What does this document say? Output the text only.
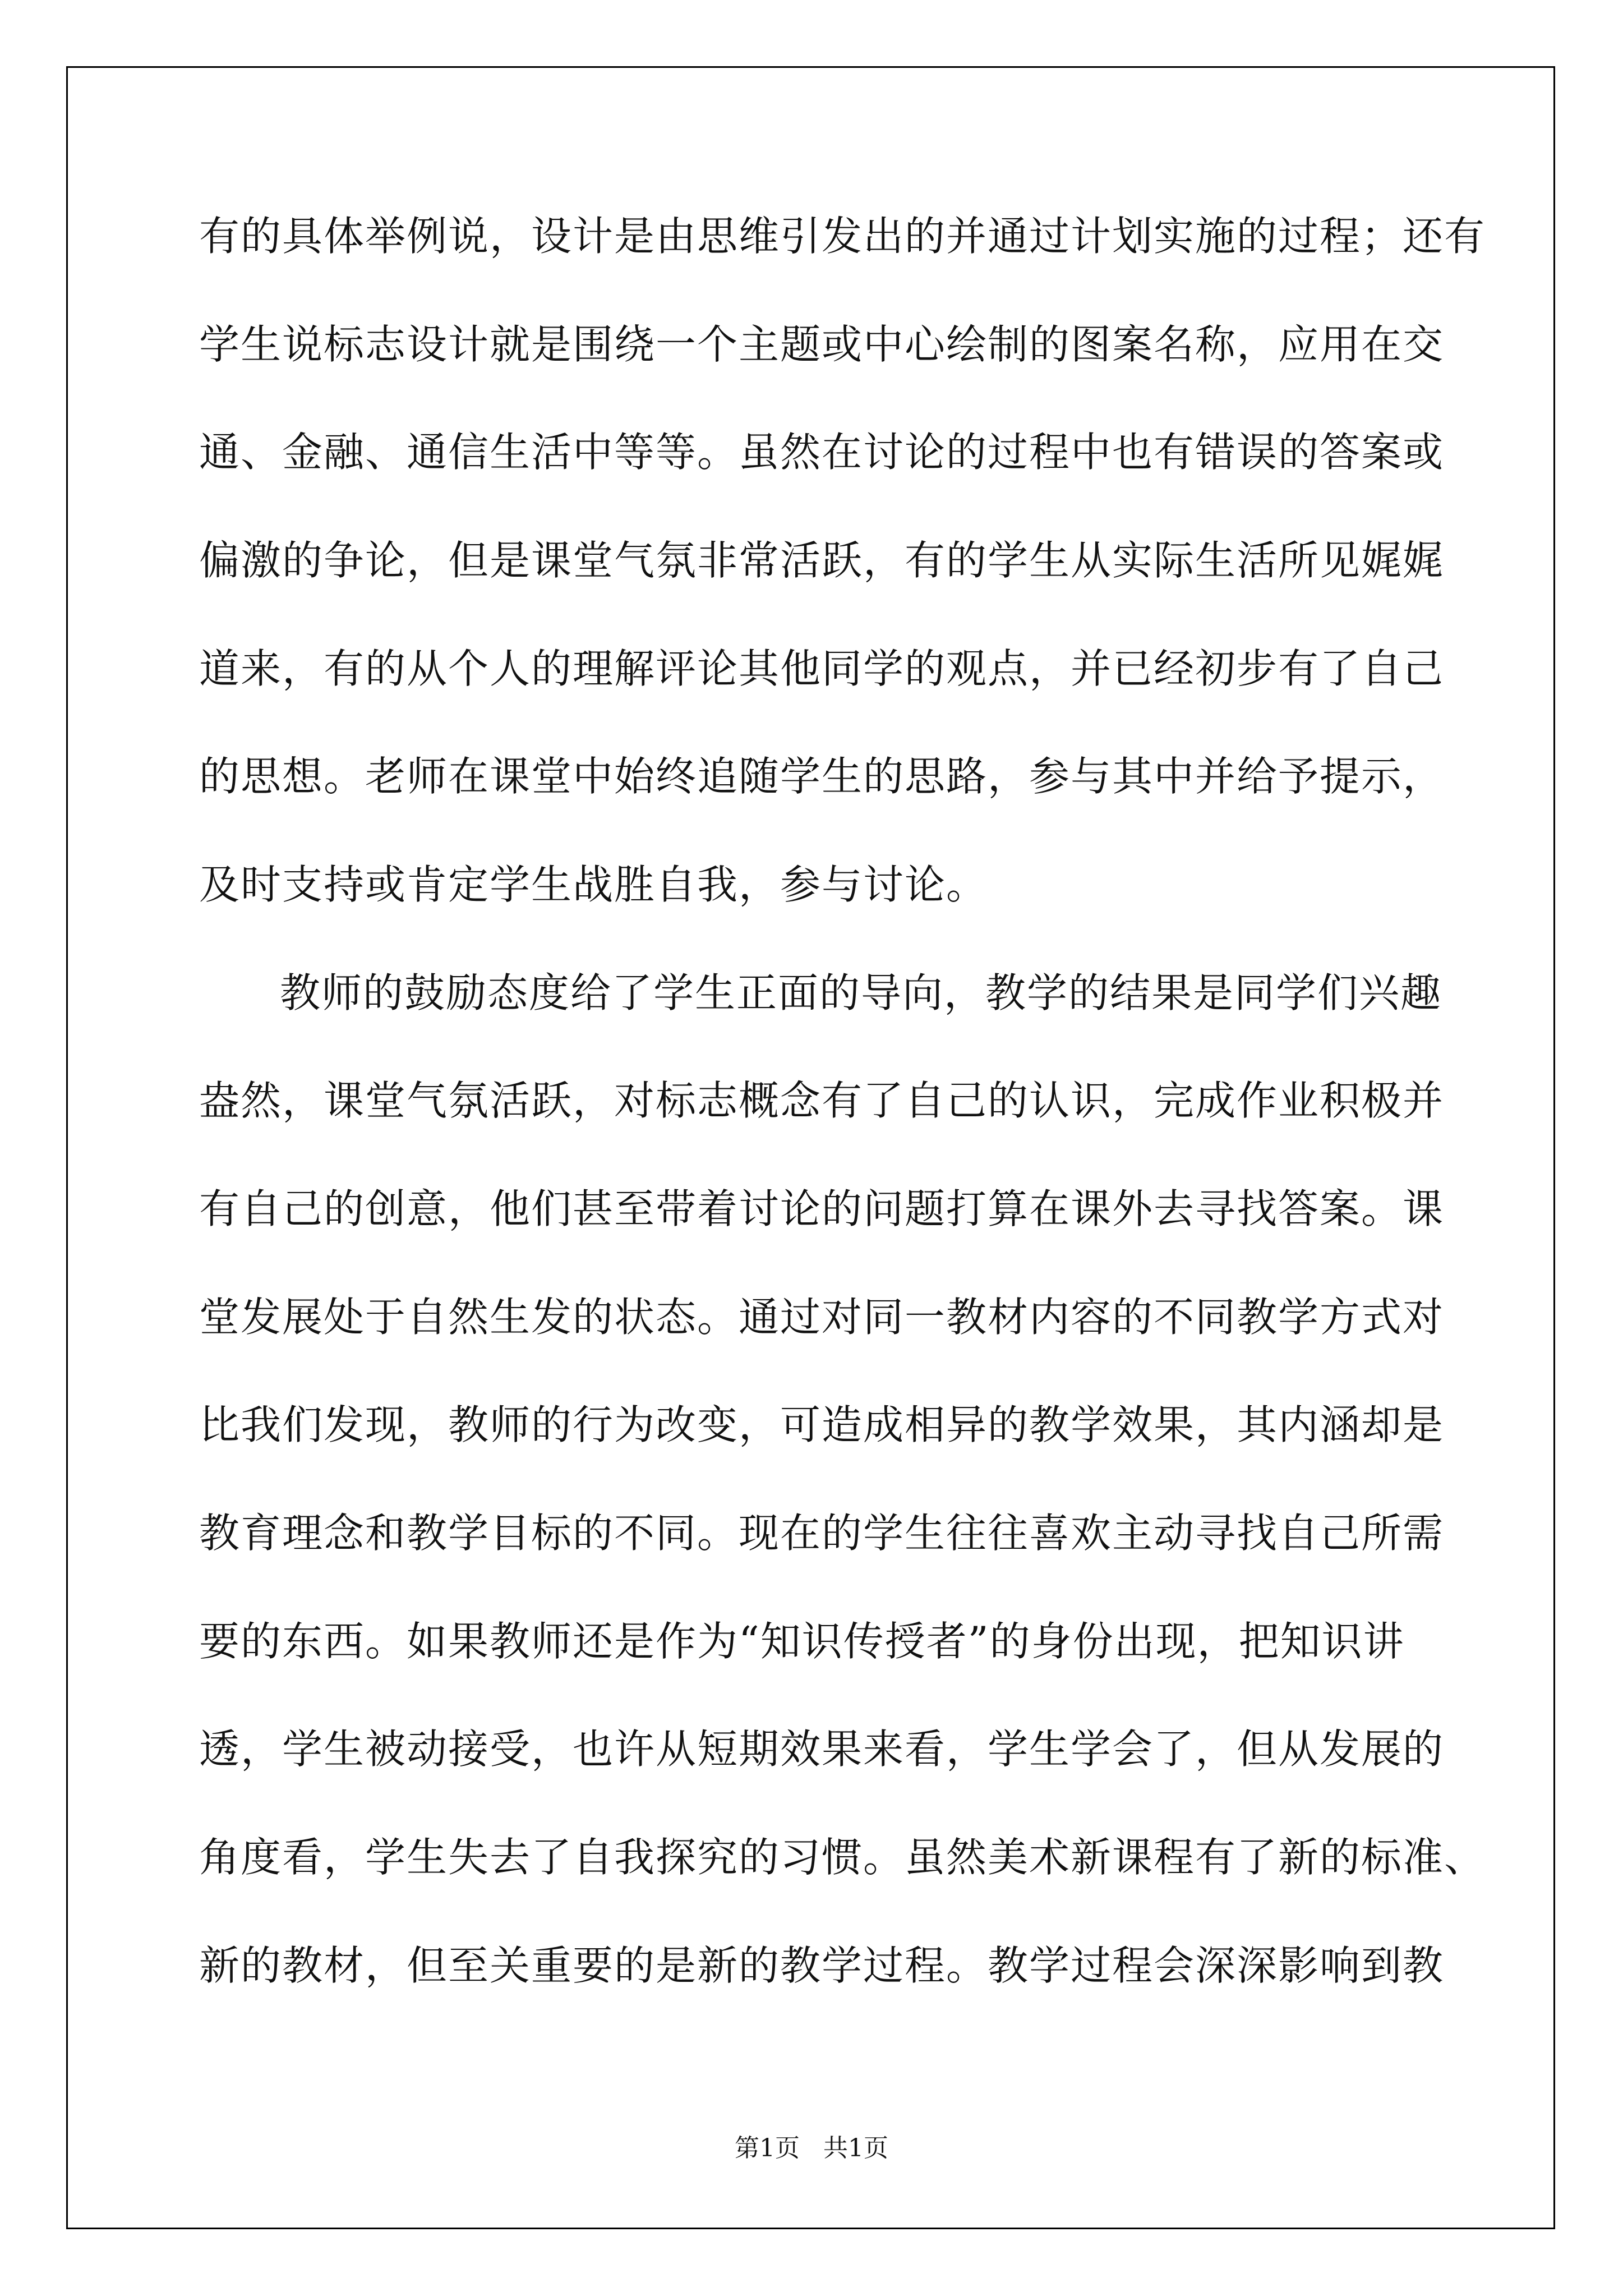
有的具体举例说，设计是由思维引发出的并通过计划实施的过程；还有
学生说标志设计就是围绕一个主题或中心绘制的图案名称，应用在交
通、金融、通信生活中等等。虽然在讨论的过程中也有错误的答案或
偏激的争论，但是课堂气氛非常活跃，有的学生从实际生活所见娓娓
道来，有的从个人的理解评论其他同学的观点，并已经初步有了自己
的思想。老师在课堂中始终追随学生的思路，参与其中并给予提示，
及时支持或肯定学生战胜自我，参与讨论。
教师的鼓励态度给了学生正面的导向，教学的结果是同学们兴趣
盎然，课堂气氛活跃，对标志概念有了自己的认识，完成作业积极并
有自己的创意，他们甚至带着讨论的问题打算在课外去寻找答案。课
堂发展处于自然生发的状态。通过对同一教材内容的不同教学方式对
比我们发现，教师的行为改变，可造成相异的教学效果，其内涵却是
教育理念和教学目标的不同。现在的学生往往喜欢主动寻找自己所需
要的东西。如果教师还是作为“知识传授者”的身份出现，把知识讲
透，学生被动接受，也许从短期效果来看，学生学会了，但从发展的
角度看，学生失去了自我探究的习惯。虽然美术新课程有了新的标准、
新的教材，但至关重要的是新的教学过程。教学过程会深深影响到教
第1页   共1页
